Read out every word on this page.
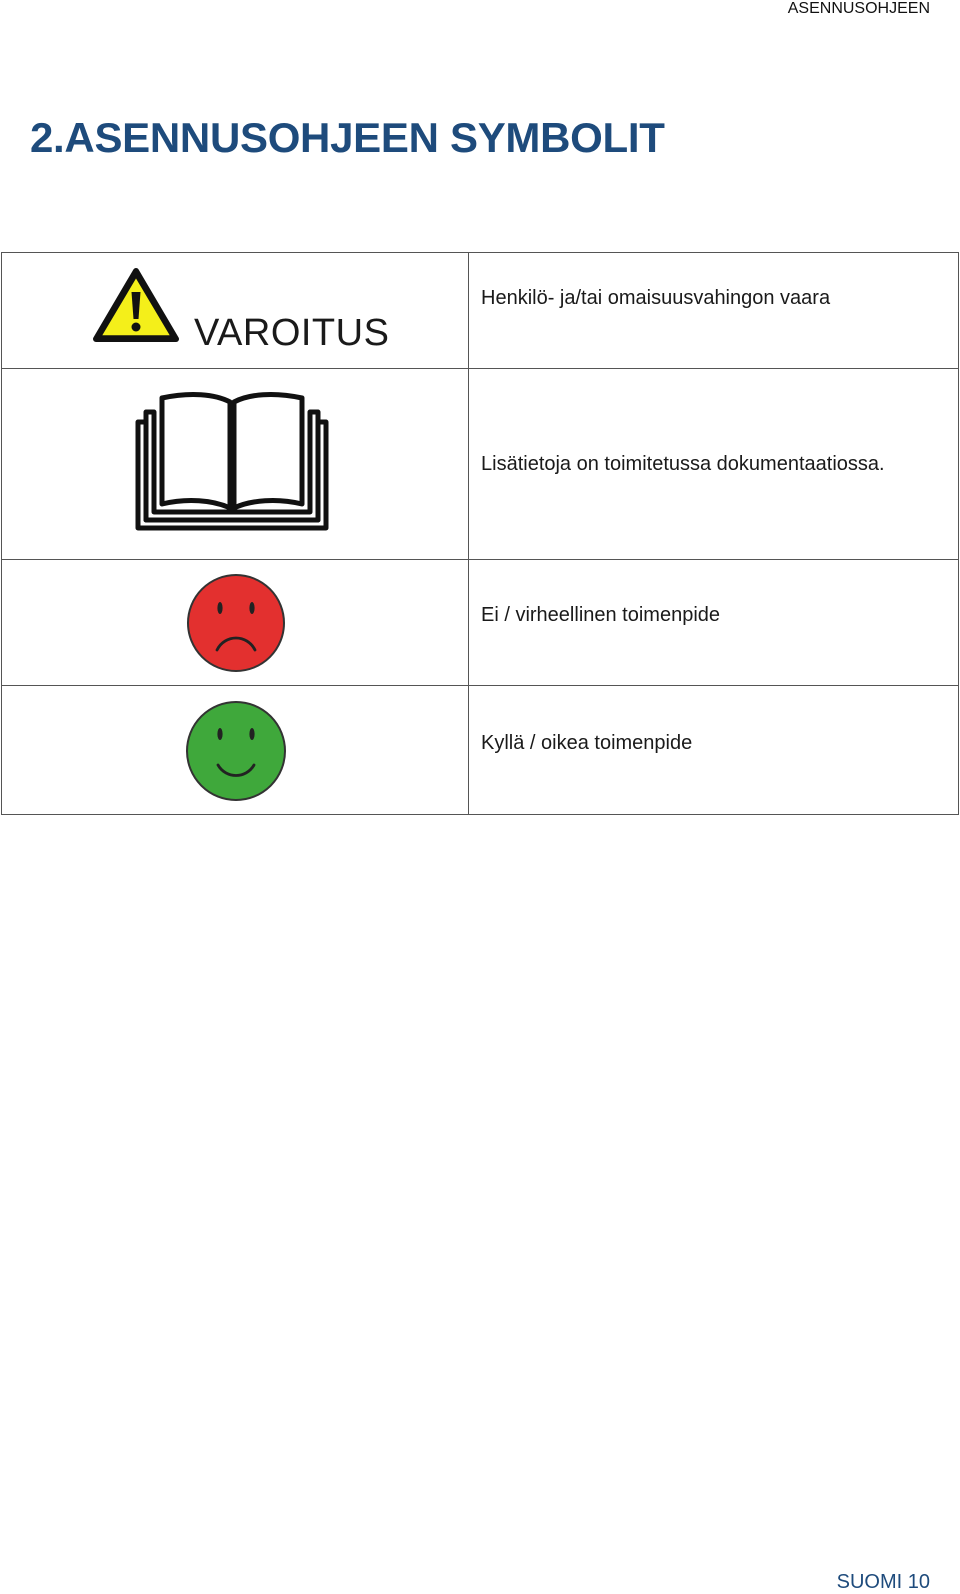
ASENNUSOHJEEN
2.ASENNUSOHJEEN SYMBOLIT
VAROITUS	Henkilö- ja/tai omaisuusvahingon vaara

	Lisätietoja on toimitetussa dokumentaatiossa.

	Ei / virheellinen toimenpide

	Kyllä / oikea toimenpide
SUOMI 10
